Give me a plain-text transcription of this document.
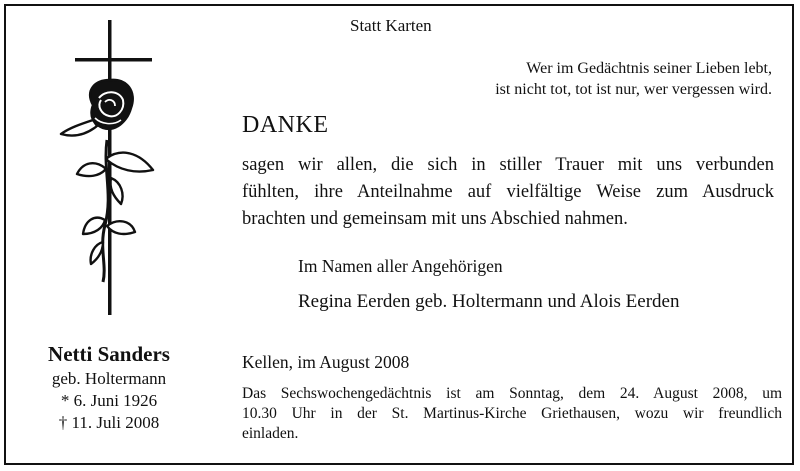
Statt Karten
Wer im Gedächtnis seiner Lieben lebt,
ist nicht tot, tot ist nur, wer vergessen wird.
DANKE

sagen wir allen, die sich in stiller Trauer mit uns verbunden

fühlten, ihre Anteilnahme auf vielfältige Weise zum Ausdruck

brachten und gemeinsam mit uns Abschied nahmen.

Im Namen aller Angehörigen
Regina Eerden geb. Holtermann und Alois Eerden
Kellen, im August 2008
Das Sechswochengedächtnis ist am Sonntag, dem 24. August 2008, um
10.30 Uhr in der St. Martinus-Kirche Griethausen, wozu wir freundlich
einladen.
Netti Sanders
geb. Holtermann
* 6. Juni 1926
† 11. Juli 2008
